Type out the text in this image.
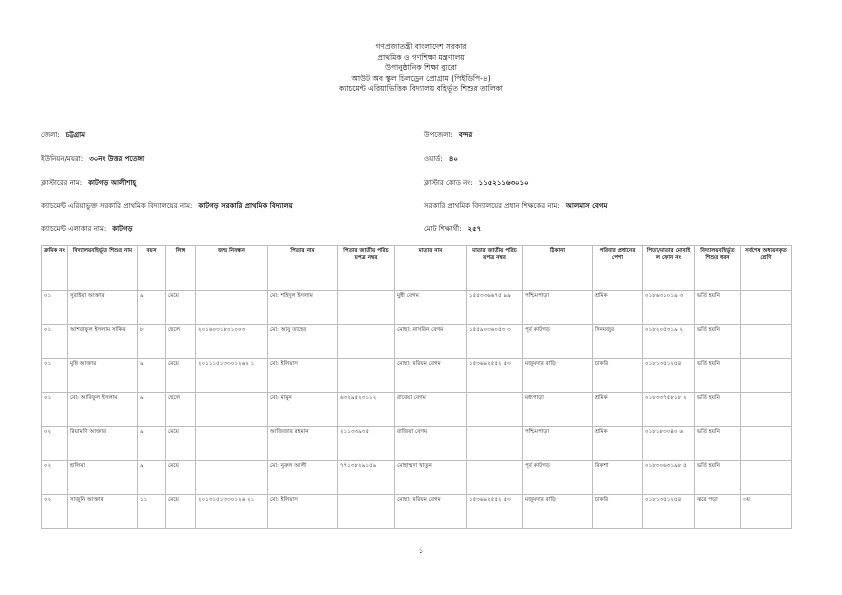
গণপ্রজাতন্ত্রী বাংলাদেশ সরকার
প্রাথমিক ও গণশিক্ষা মন্ত্রণালয়
উপানুষ্ঠানিক শিক্ষা ব্যুরো
আউট অব স্কুল চিলড্রেন প্রোগ্রাম (পিইডিপি-৪)
ক্যাচমেন্ট এরিয়াভিত্তিক বিদ্যালয় বহির্ভূত শিশুর তালিকা
জেলা: চট্টগ্রাম	উপজেলা: বন্দর
ইউনিয়ন/ময়রা: ৩০নং উত্তর পতেঙ্গা	ওয়ার্ড: ৪০
ক্লাস্টারের নাম: কাটগড় আলীশাহ্‌	ক্লাস্টার কোড নং: ১১৫২১১৬৩০১০
ক্যাচমেন্ট এরিয়াভুক্ত সরকারি প্রাথমিক বিদ্যালয়ের নাম: কাটগড় সরকারি প্রাথমিক বিদ্যালয়	সরকারি প্রাথমিক বিদ্যালয়ের প্রধান শিক্ষকের নাম: আলমাস বেগম
ক্যাচমেন্ট এলাকার নাম: কাটগড়	মোট শিক্ষার্থী: ২৫৭
ক্রমিক নং	বিদ্যালয়বহির্ভূত শিশুর নাম	বয়স	লিঙ্গ	জন্ম নিবন্ধন	পিতার নাম	পিতার জাতীয় পরিচয়পত্র নম্বর	মাতার নাম	মাতার জাতীয় পরিচয়পত্র নম্বর	ঠিকানা	পরিবার প্রধানের পেশা	পিতা/মাতার মোবাইল ফোন নং	বিদ্যালয়বহির্ভূত শিশুর ধরন	সর্বশেষ অধ্যয়নকৃত শ্রেণি
০১	সুরাইয়া আক্তার	৯	মেয়ে		মো: শহিদুল ইসলাম		মুন্নী বেগম	১৫৫৩৩৬৬৭৫ ৯৯	পশ্চিমপাড়া	শ্রমিক	০১৮৬৩১০১৯ ৩	ভর্তি হয়নি	
০১	আশরাফুল ইসলাম সাকিব	৮	ছেলে	২০১৬০৩১৮০১০০৩	মো: আবু তাহের		মোছা: নাসরিন বেগম	১৫৫৯০৩৬০৫৩ ৩	পূর্ব কাটগড়	দিনমজুর	০১৮২০৫৩১৯ ২	ভর্তি হয়নি	
০১	মুন্নি আক্তার	৯	মেয়ে	২০১১১৫১৩৩০১২৬২ ১	মো: ইলিয়াস		মোছা: মরিয়ম বেগম	১৫৩৬৯২৫৫২ ৫৩	মজুমদার বাড়ি	চাকরি	০১৮১৩৫১২৫৪	ভর্তি হয়নি	
০১	মো: আরিফুল ইসলাম	৯	ছেলে		মো: মামুন	৬৩২৯৫২৩১১২	রাবেয়া বেগম		মধ্যপাড়া	শ্রমিক	০১৮৩৩৭৫৮১৮ ২	ভর্তি হয়নি	
০২	রিয়ামণি আক্তার	৯	মেয়ে		আজিজার রহমান	২১১৩৩৯৩৫	রাজিয়া বেগম		পশ্চিমপাড়া	শ্রমিক	০১৮১৮৩০৪০ ৬	ভর্তি হয়নি	
০২	হালিমা	৯	মেয়ে		মো: নুরুল আলী	৭৭১৩৮২৯১৫৯	মোহাম্মদা খাতুন		পূর্ব কাটগড়	রিকশা	০১৮৩০৬৩১৯৮ ৫	ভর্তি হয়নি	
০২	সাজুনি আক্তার	১১	মেয়ে	২০১৩১৫১৩৩০১২৬ ২১	মো: ইলিয়াস		মোছা: মরিয়ম বেগম	১৫৩৬৯২৫৫২ ৫৩	মজুমদার বাড়ি	চাকরি	০১৮১৩৫১২৫৪	ঝরে পড়া	৩য়
১
